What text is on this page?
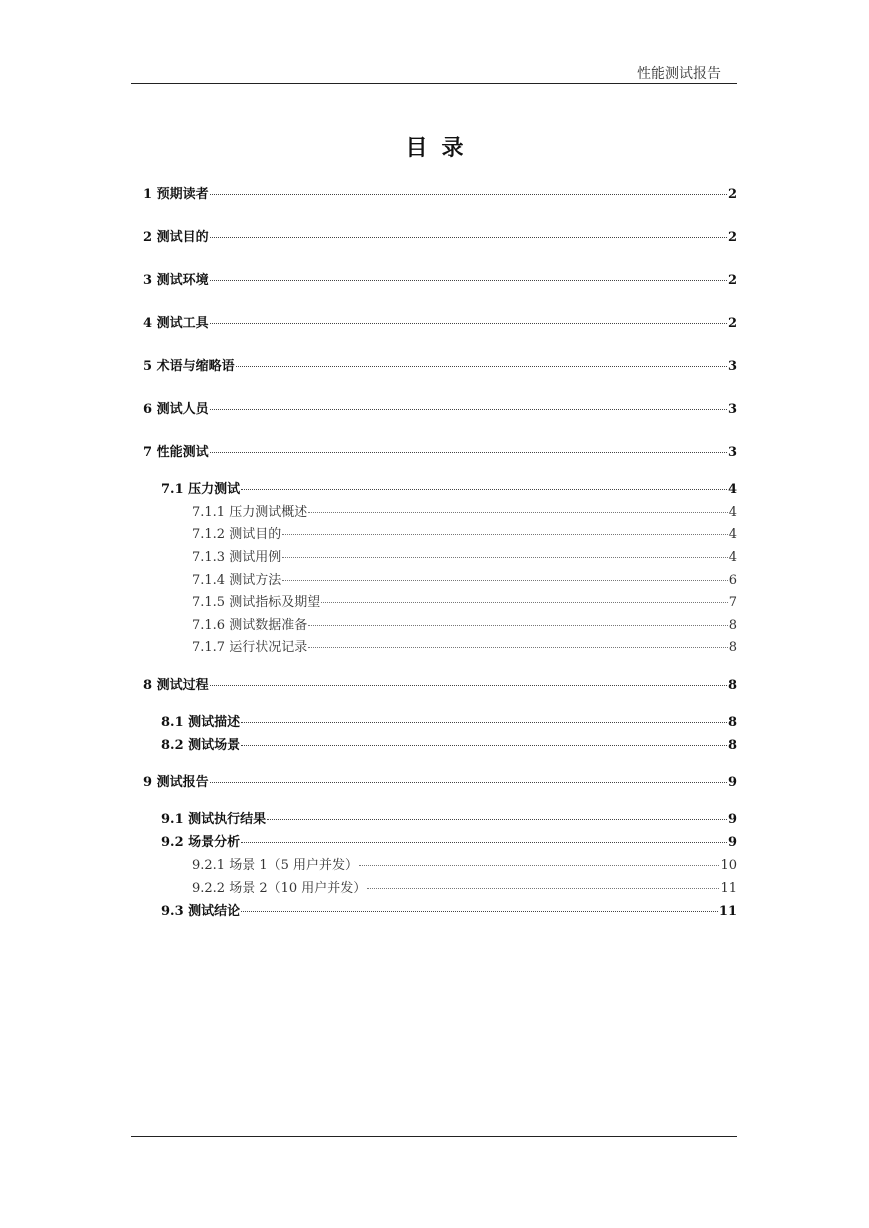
性能测试报告
目录
1 预期读者	2
2 测试目的	2
3 测试环境	2
4 测试工具	2
5 术语与缩略语	3
6 测试人员	3
7 性能测试	3
7.1 压力测试	4
7.1.1 压力测试概述	4
7.1.2 测试目的	4
7.1.3 测试用例	4
7.1.4 测试方法	6
7.1.5 测试指标及期望	7
7.1.6 测试数据准备	8
7.1.7 运行状况记录	8
8 测试过程	8
8.1 测试描述	8
8.2 测试场景	8
9 测试报告	9
9.1 测试执行结果	9
9.2 场景分析	9
9.2.1 场景 1（5 用户并发）	10
9.2.2 场景 2（10 用户并发）	11
9.3 测试结论	11
